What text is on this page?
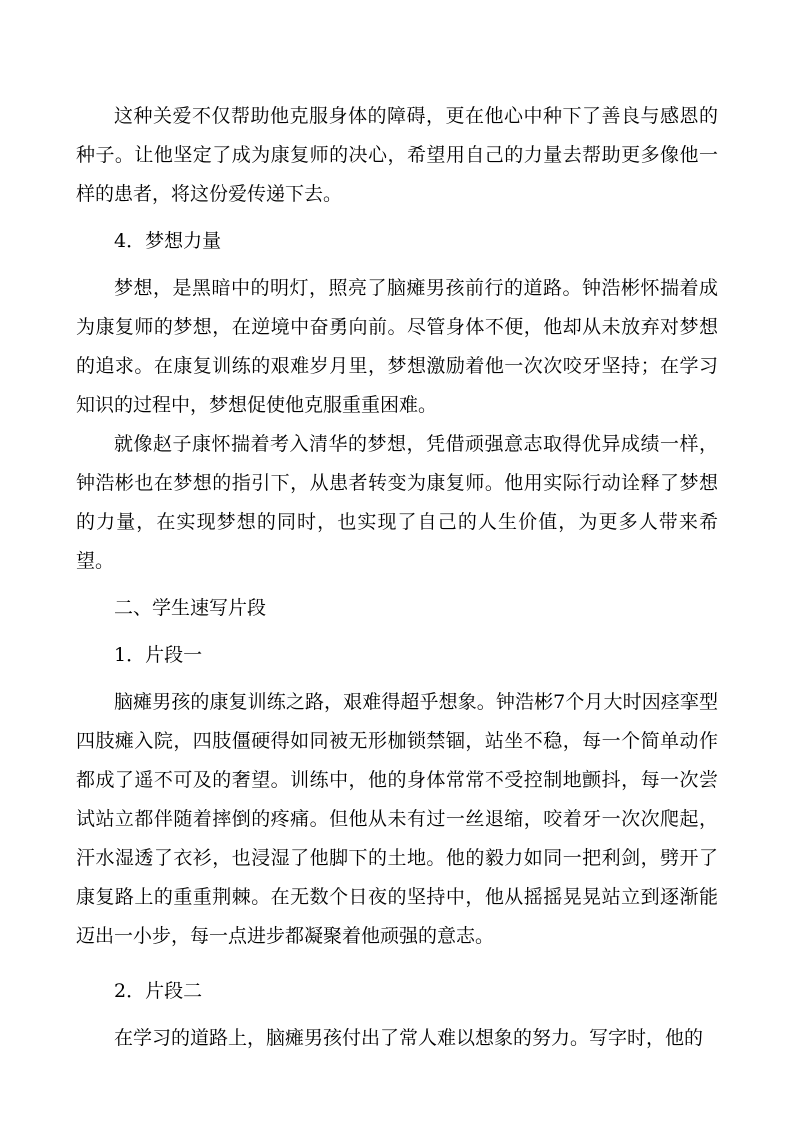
这种关爱不仅帮助他克服身体的障碍，更在他心中种下了善良与感恩的种子。让他坚定了成为康复师的决心，希望用自己的力量去帮助更多像他一样的患者，将这份爱传递下去。

4．梦想力量

梦想，是黑暗中的明灯，照亮了脑瘫男孩前行的道路。钟浩彬怀揣着成为康复师的梦想，在逆境中奋勇向前。尽管身体不便，他却从未放弃对梦想的追求。在康复训练的艰难岁月里，梦想激励着他一次次咬牙坚持；在学习知识的过程中，梦想促使他克服重重困难。

就像赵子康怀揣着考入清华的梦想，凭借顽强意志取得优异成绩一样，钟浩彬也在梦想的指引下，从患者转变为康复师。他用实际行动诠释了梦想的力量，在实现梦想的同时，也实现了自己的人生价值，为更多人带来希望。

二、学生速写片段

1．片段一

脑瘫男孩的康复训练之路，艰难得超乎想象。钟浩彬7个月大时因痉挛型四肢瘫入院，四肢僵硬得如同被无形枷锁禁锢，站坐不稳，每一个简单动作都成了遥不可及的奢望。训练中，他的身体常常不受控制地颤抖，每一次尝试站立都伴随着摔倒的疼痛。但他从未有过一丝退缩，咬着牙一次次爬起，汗水湿透了衣衫，也浸湿了他脚下的土地。他的毅力如同一把利剑，劈开了康复路上的重重荆棘。在无数个日夜的坚持中，他从摇摇晃晃站立到逐渐能迈出一小步，每一点进步都凝聚着他顽强的意志。

2．片段二

在学习的道路上，脑瘫男孩付出了常人难以想象的努力。写字时，他的
